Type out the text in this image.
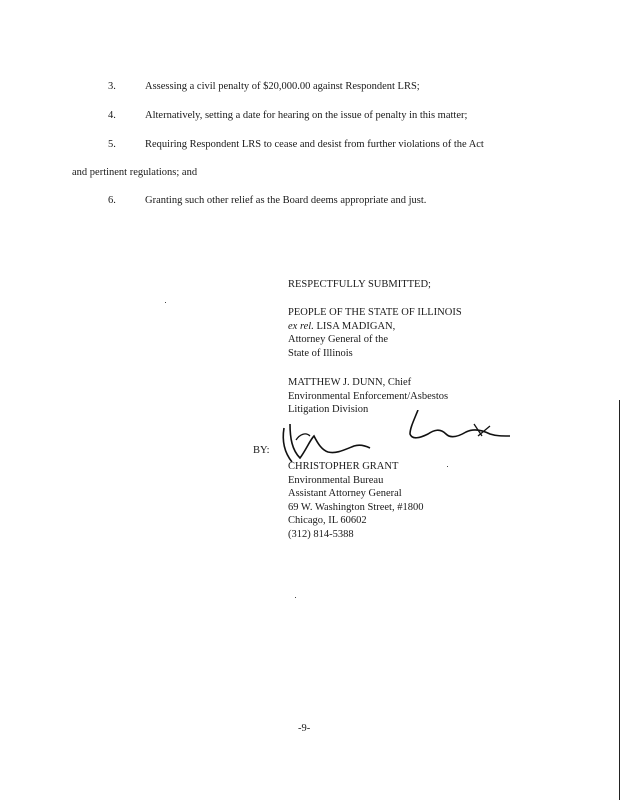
3.	Assessing a civil penalty of $20,000.00 against Respondent LRS;
4.	Alternatively, setting a date for hearing on the issue of penalty in this matter;
5.	Requiring Respondent LRS to cease and desist from further violations of the Act
and pertinent regulations; and
6.	Granting such other relief as the Board deems appropriate and just.
RESPECTFULLY SUBMITTED;
PEOPLE OF THE STATE OF ILLINOIS
ex rel. LISA MADIGAN,
Attorney General of the
State of Illinois
MATTHEW J. DUNN, Chief
Environmental Enforcement/Asbestos
Litigation Division
BY:
CHRISTOPHER GRANT
Environmental Bureau
Assistant Attorney General
69 W. Washington Street, #1800
Chicago, IL 60602
(312) 814-5388
-9-
